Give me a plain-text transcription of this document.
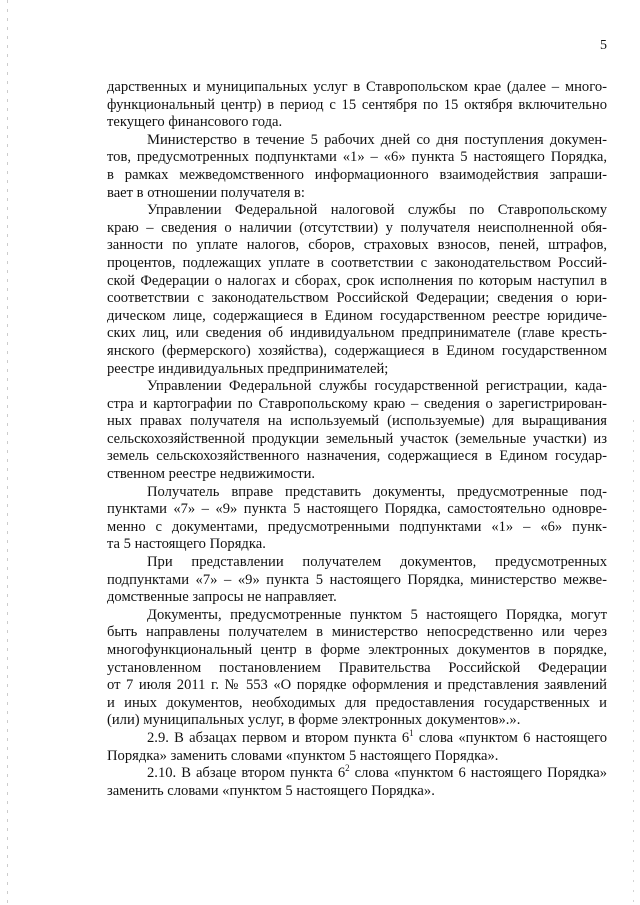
5
дарственных и муниципальных услуг в Ставропольском крае (далее – много-
функциональный центр) в период с 15 сентября по 15 октября включительно
текущего финансового года.
Министерство в течение 5 рабочих дней со дня поступления докумен-
тов, предусмотренных подпунктами «1» – «6» пункта 5 настоящего Порядка,
в рамках межведомственного информационного взаимодействия запраши-
вает в отношении получателя в:
Управлении Федеральной налоговой службы по Ставропольскому
краю – сведения о наличии (отсутствии) у получателя неисполненной обя-
занности по уплате налогов, сборов, страховых взносов, пеней, штрафов,
процентов, подлежащих уплате в соответствии с законодательством Россий-
ской Федерации о налогах и сборах, срок исполнения по которым наступил в
соответствии с законодательством Российской Федерации; сведения о юри-
дическом лице, содержащиеся в Едином государственном реестре юридиче-
ских лиц, или сведения об индивидуальном предпринимателе (главе кресть-
янского (фермерского) хозяйства), содержащиеся в Едином государственном
реестре индивидуальных предпринимателей;
Управлении Федеральной службы государственной регистрации, када-
стра и картографии по Ставропольскому краю – сведения о зарегистрирован-
ных правах получателя на используемый (используемые) для выращивания
сельскохозяйственной продукции земельный участок (земельные участки) из
земель сельскохозяйственного назначения, содержащиеся в Едином государ-
ственном реестре недвижимости.
Получатель вправе представить документы, предусмотренные под-
пунктами «7» – «9» пункта 5 настоящего Порядка, самостоятельно одновре-
менно с документами, предусмотренными подпунктами «1» – «6» пунк-
та 5 настоящего Порядка.
При представлении получателем документов, предусмотренных
подпунктами «7» – «9» пункта 5 настоящего Порядка, министерство межве-
домственные запросы не направляет.
Документы, предусмотренные пунктом 5 настоящего Порядка, могут
быть направлены получателем в министерство непосредственно или через
многофункциональный центр в форме электронных документов в порядке,
установленном постановлением Правительства Российской Федерации
от 7 июля 2011 г. № 553 «О порядке оформления и представления заявлений
и иных документов, необходимых для предоставления государственных и
(или) муниципальных услуг, в форме электронных документов».».
2.9. В абзацах первом и втором пункта $6^1$ слова «пунктом 6 настоящего
Порядка» заменить словами «пунктом 5 настоящего Порядка».
2.10. В абзаце втором пункта $6^2$ слова «пунктом 6 настоящего Порядка»
заменить словами «пунктом 5 настоящего Порядка».
